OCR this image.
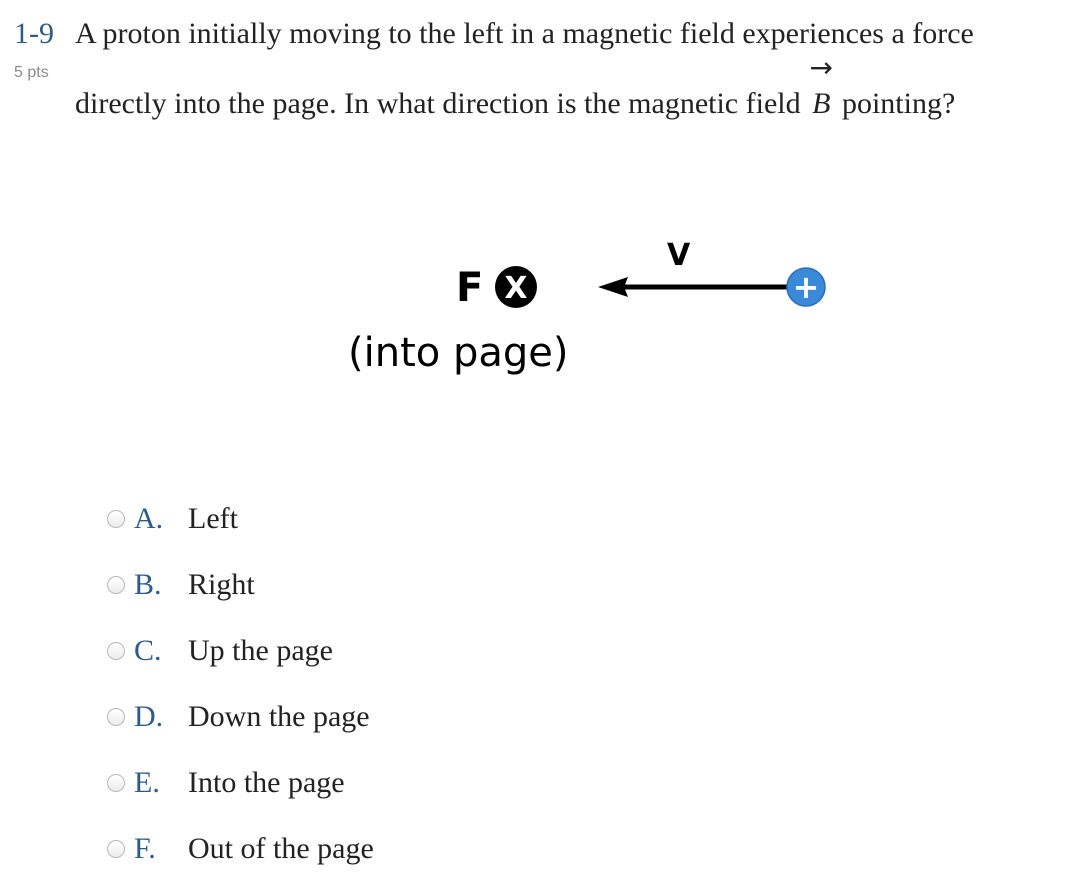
1-9
5 pts
A proton initially moving to the left in a magnetic field experiences a force
directly into the page. In what direction is the magnetic field
→
B pointing?
F X
(into page)
V
+
A. Left
B. Right
C. Up the page
D. Down the page
E. Into the page
F.	Out of the page
